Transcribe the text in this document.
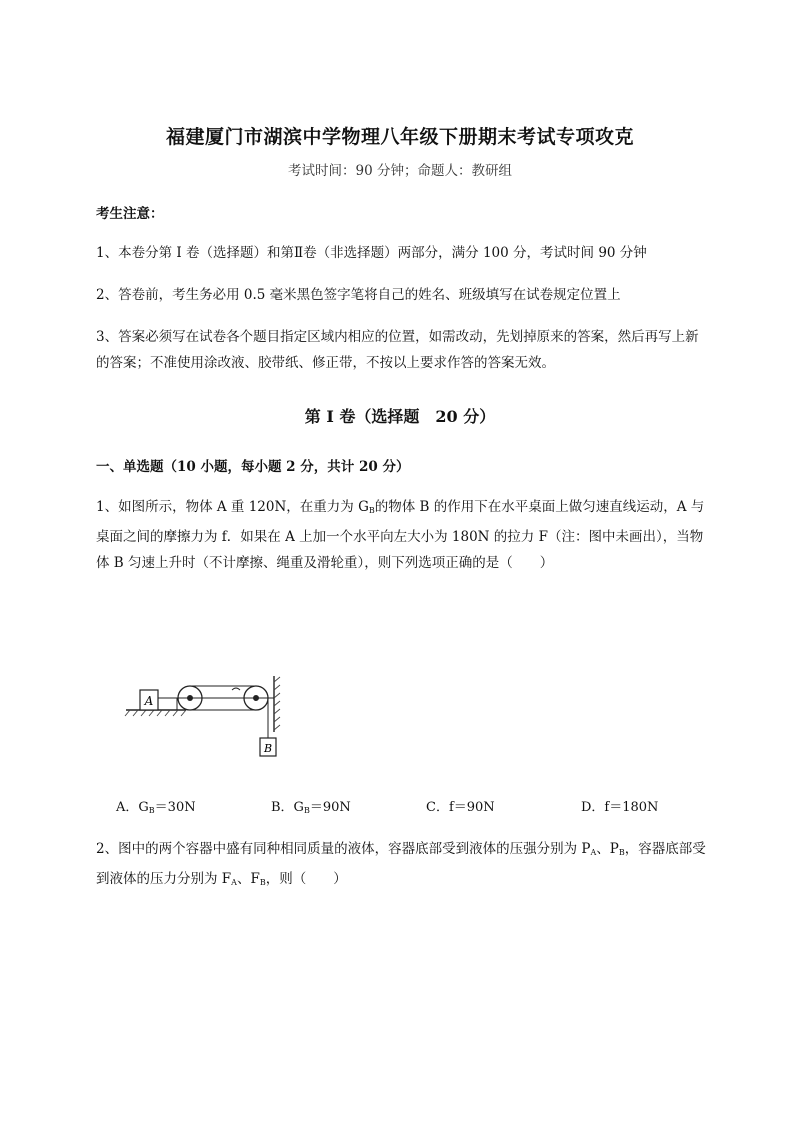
福建厦门市湖滨中学物理八年级下册期末考试专项攻克
考试时间：90 分钟；命题人：教研组
考生注意：
1、本卷分第 I 卷（选择题）和第Ⅱ卷（非选择题）两部分，满分 100 分，考试时间 90 分钟
2、答卷前，考生务必用 0.5 毫米黑色签字笔将自己的姓名、班级填写在试卷规定位置上
3、答案必须写在试卷各个题目指定区域内相应的位置，如需改动，先划掉原来的答案，然后再写上新的答案；不准使用涂改液、胶带纸、修正带，不按以上要求作答的答案无效。
第 I 卷（选择题　20 分）
一、单选题（10 小题，每小题 2 分，共计 20 分）
1、如图所示，物体 A 重 120N，在重力为 $G_B$的物体 B 的作用下在水平桌面上做匀速直线运动，A 与桌面之间的摩擦力为 f．如果在 A 上加一个水平向左大小为 180N 的拉力 F（注：图中未画出），当物体 B 匀速上升时（不计摩擦、绳重及滑轮重），则下列选项正确的是（　　）
A
B
A．$G_B=30N$	B．$G_B=90N$	C．f＝90N	D．f＝180N
2、图中的两个容器中盛有同种相同质量的液体，容器底部受到液体的压强分别为 $P_A$、$P_B$，容器底部受到液体的压力分别为 $F_A$、$F_B$，则（　　）
